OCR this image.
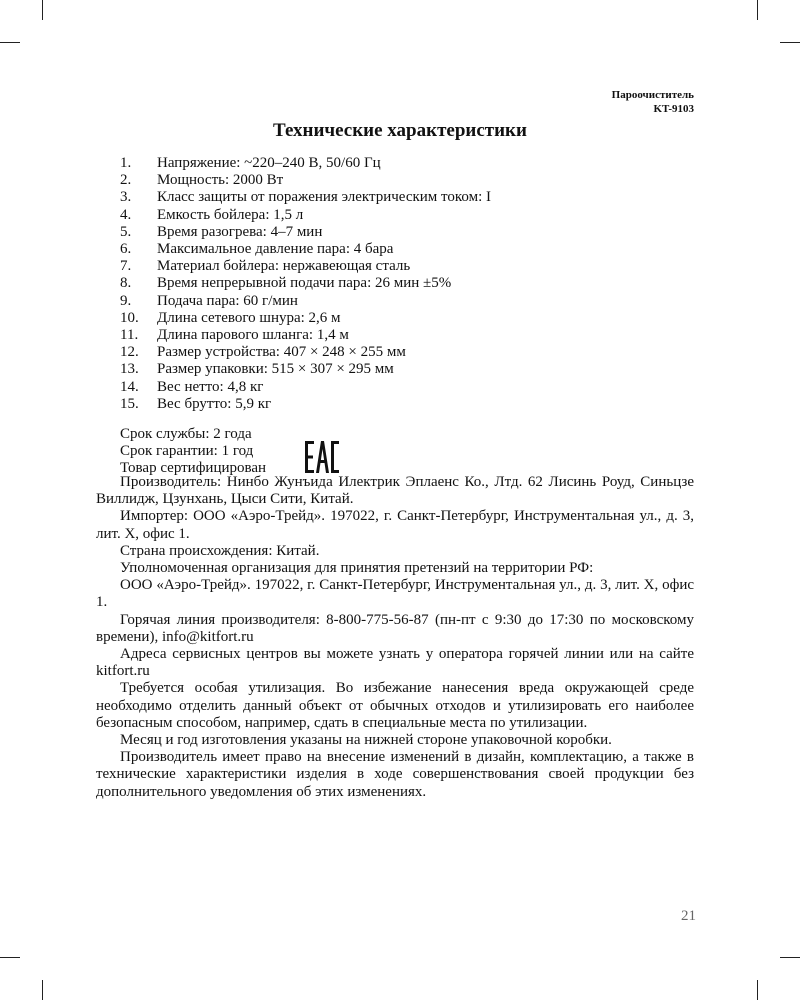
Пароочиститель
KT-9103
Технические характеристики
1.	Напряжение: ~220–240 В, 50/60 Гц
2.	Мощность: 2000 Вт
3.	Класс защиты от поражения электрическим током: I
4.	Емкость бойлера: 1,5 л
5.	Время разогрева: 4–7 мин
6.	Максимальное давление пара: 4 бара
7.	Материал бойлера: нержавеющая сталь
8.	Время непрерывной подачи пара: 26 мин ±5%
9.	Подача пара: 60 г/мин
10.	Длина сетевого шнура: 2,6 м
11.	Длина парового шланга: 1,4 м
12.	Размер устройства: 407 × 248 × 255 мм
13.	Размер упаковки: 515 × 307 × 295 мм
14.	Вес нетто: 4,8 кг
15.	Вес брутто: 5,9 кг
Срок службы: 2 года
Срок гарантии: 1 год
Товар сертифицирован

Производитель: Нинбо Жунъида Илектрик Эплаенс Ко., Лтд. 62 Лисинь Роуд, Синьцзе Виллидж, Цзунхань, Цыси Сити, Китай.

Импортер: ООО «Аэро-Трейд». 197022, г. Санкт-Петербург, Инструментальная ул., д. 3, лит. Х, офис 1.

Страна происхождения: Китай.

Уполномоченная организация для принятия претензий на территории РФ:

ООО «Аэро-Трейд». 197022, г. Санкт-Петербург, Инструментальная ул., д. 3, лит. Х, офис 1.

Горячая линия производителя: 8-800-775-56-87 (пн-пт с 9:30 до 17:30 по московскому времени), info@kitfort.ru

Адреса сервисных центров вы можете узнать у оператора горячей линии или на сайте kitfort.ru

Требуется особая утилизация. Во избежание нанесения вреда окружающей среде необходимо отделить данный объект от обычных отходов и утилизировать его наиболее безопасным способом, например, сдать в специальные места по утилизации.

Месяц и год изготовления указаны на нижней стороне упаковочной коробки.

Производитель имеет право на внесение изменений в дизайн, комплектацию, а также в технические характеристики изделия в ходе совершенствования своей продукции без дополнительного уведомления об этих изменениях.

21
